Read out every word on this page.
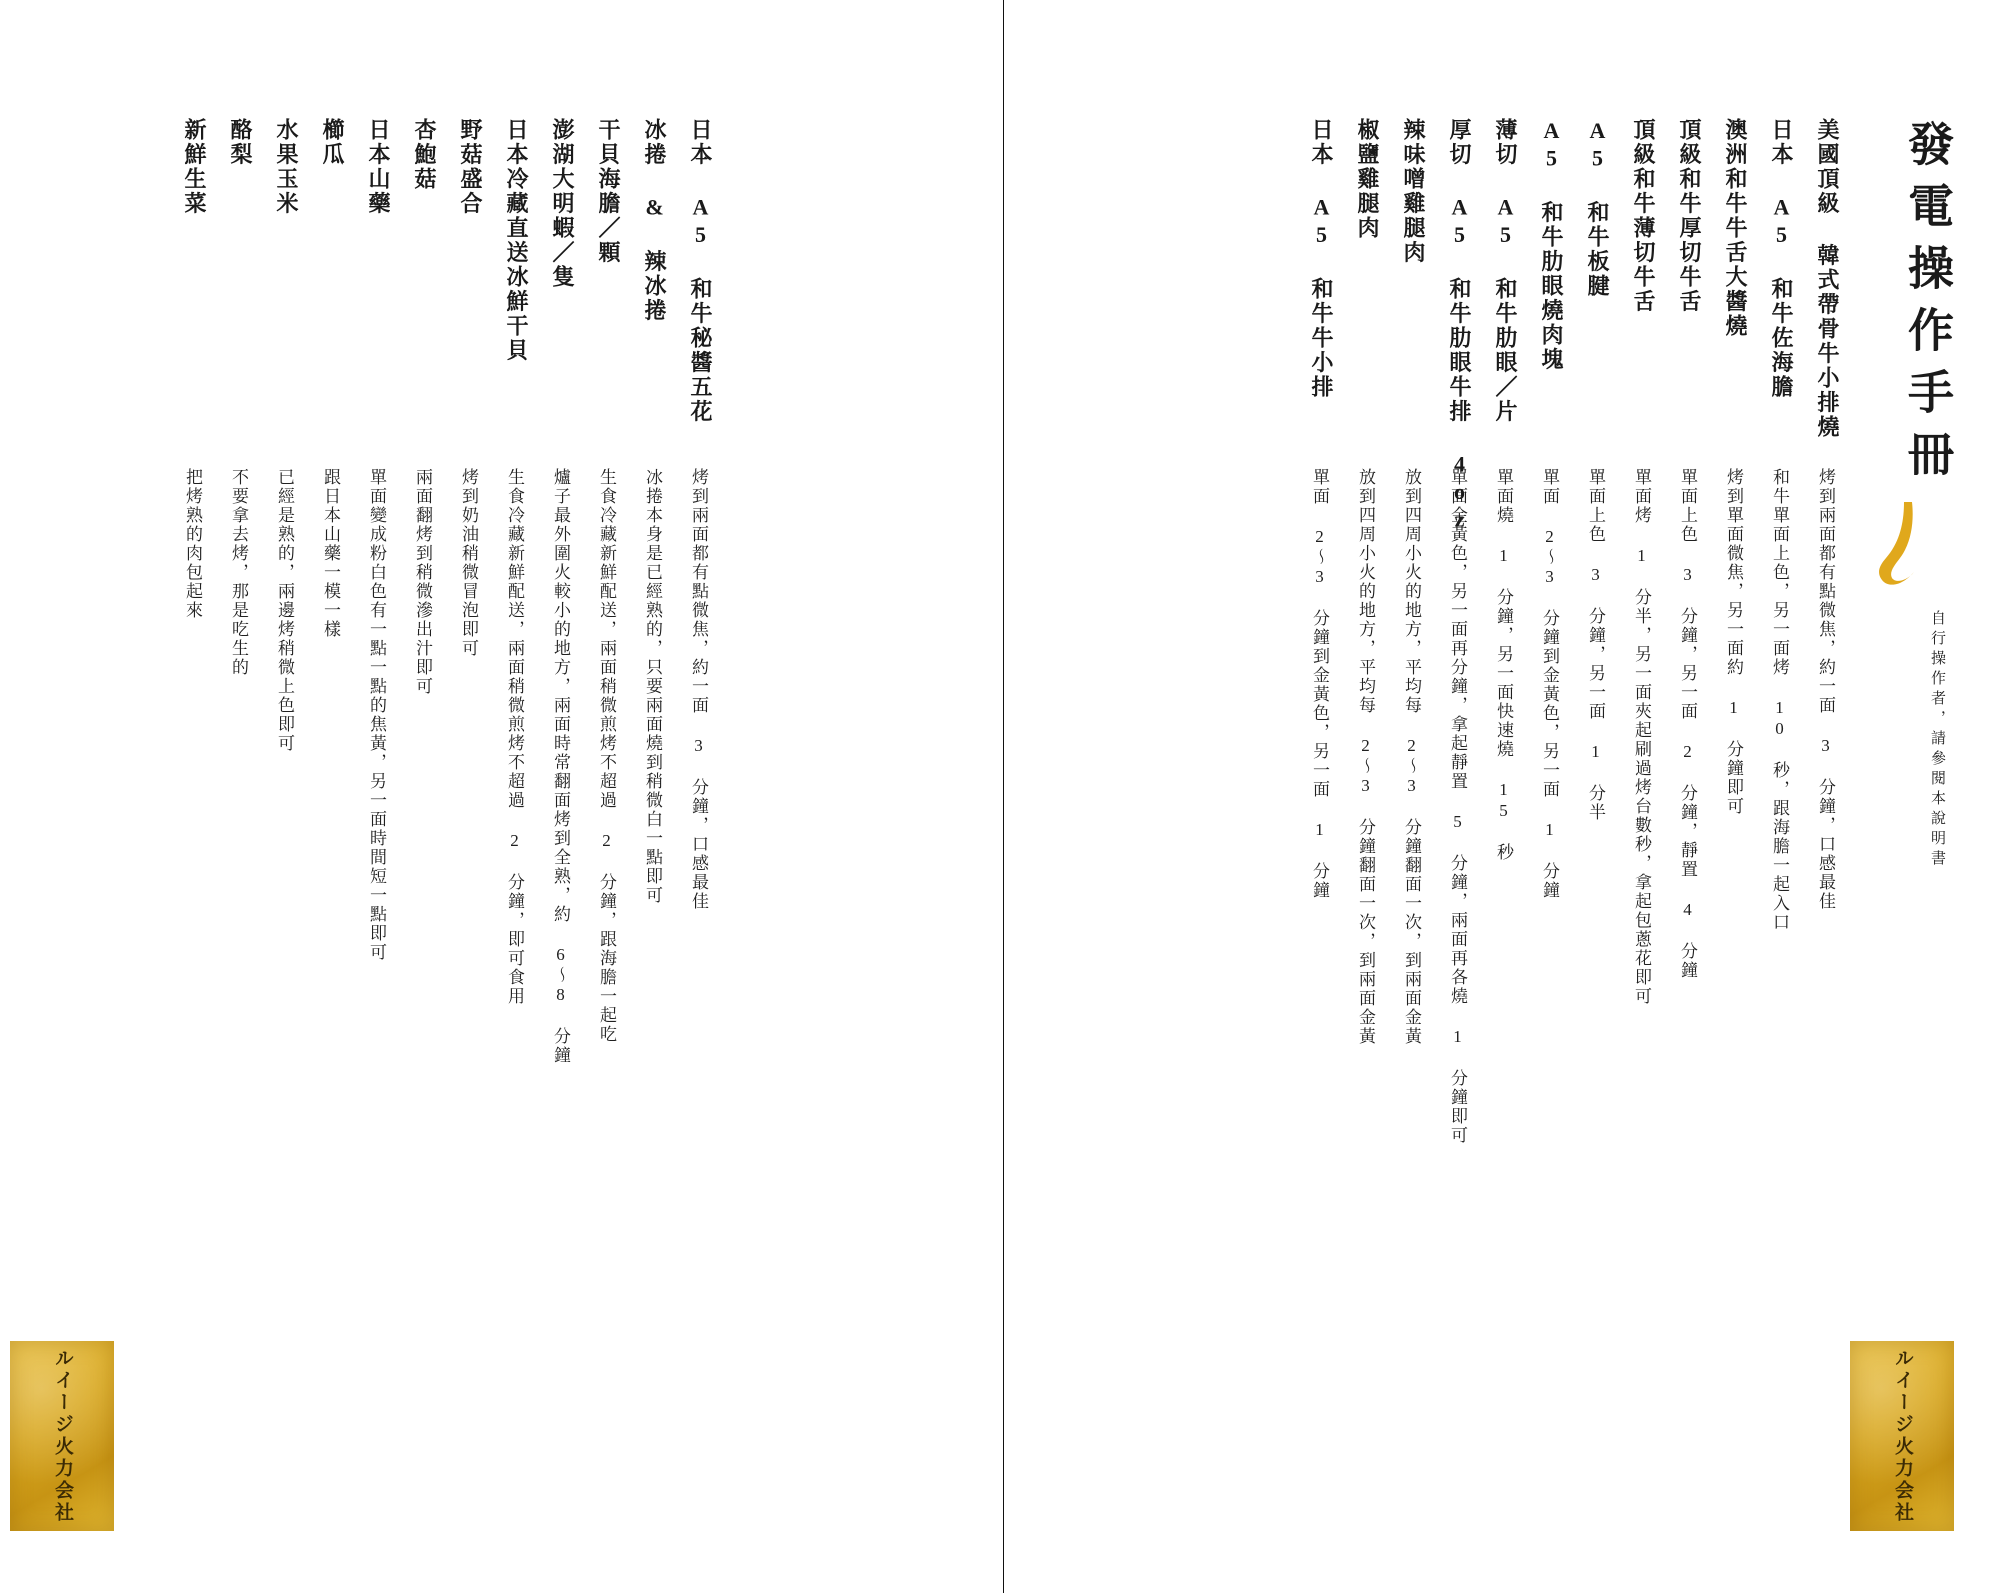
發電操作手冊
自行操作者，請參閱本說明書
美國頂級 韓式帶骨牛小排燒
烤到兩面都有點微焦，約一面 3 分鐘，口感最佳
日本 A5 和牛佐海膽
和牛單面上色，另一面烤 10 秒，跟海膽一起入口
澳洲和牛牛舌大醬燒
烤到單面微焦，另一面約 1 分鐘即可
頂級和牛厚切牛舌
單面上色 3 分鐘，另一面 2 分鐘，靜置 4 分鐘
頂級和牛薄切牛舌
單面烤 1 分半，另一面夾起刷過烤台數秒，拿起包蔥花即可
A5 和牛板腱
單面上色 3 分鐘，另一面 1 分半
A5 和牛肋眼燒肉塊
單面 2～3 分鐘到金黃色，另一面 1 分鐘
薄切 A5 和牛肋眼／片
單面燒 1 分鐘，另一面快速燒 15 秒
厚切 A5 和牛肋眼牛排 4oz
單面金黃色，另一面再分鐘，拿起靜置 5 分鐘，兩面再各燒 1 分鐘即可
辣味噌雞腿肉
放到四周小火的地方，平均每 2～3 分鐘翻面一次，到兩面金黃
椒鹽雞腿肉
放到四周小火的地方，平均每 2～3 分鐘翻面一次，到兩面金黃
日本 A5 和牛牛小排
單面 2～3 分鐘到金黃色，另一面 1 分鐘
ルイージ火力会社
日本 A5 和牛秘醬五花
烤到兩面都有點微焦，約一面 3 分鐘，口感最佳
冰捲 & 辣冰捲
冰捲本身是已經熟的，只要兩面燒到稍微白一點即可
干貝海膽／顆
生食冷藏新鮮配送，兩面稍微煎烤不超過 2 分鐘，跟海膽一起吃
澎湖大明蝦／隻
爐子最外圍火較小的地方，兩面時常翻面烤到全熟，約 6～8 分鐘
日本冷藏直送冰鮮干貝
生食冷藏新鮮配送，兩面稍微煎烤不超過 2 分鐘，即可食用
野菇盛合
烤到奶油稍微冒泡即可
杏鮑菇
兩面翻烤到稍微滲出汁即可
日本山藥
單面變成粉白色有一點一點的焦黃，另一面時間短一點即可
櫛瓜
跟日本山藥一模一樣
水果玉米
已經是熟的，兩邊烤稍微上色即可
酪梨
不要拿去烤，那是吃生的
新鮮生菜
把烤熟的肉包起來
ルイージ火力会社
